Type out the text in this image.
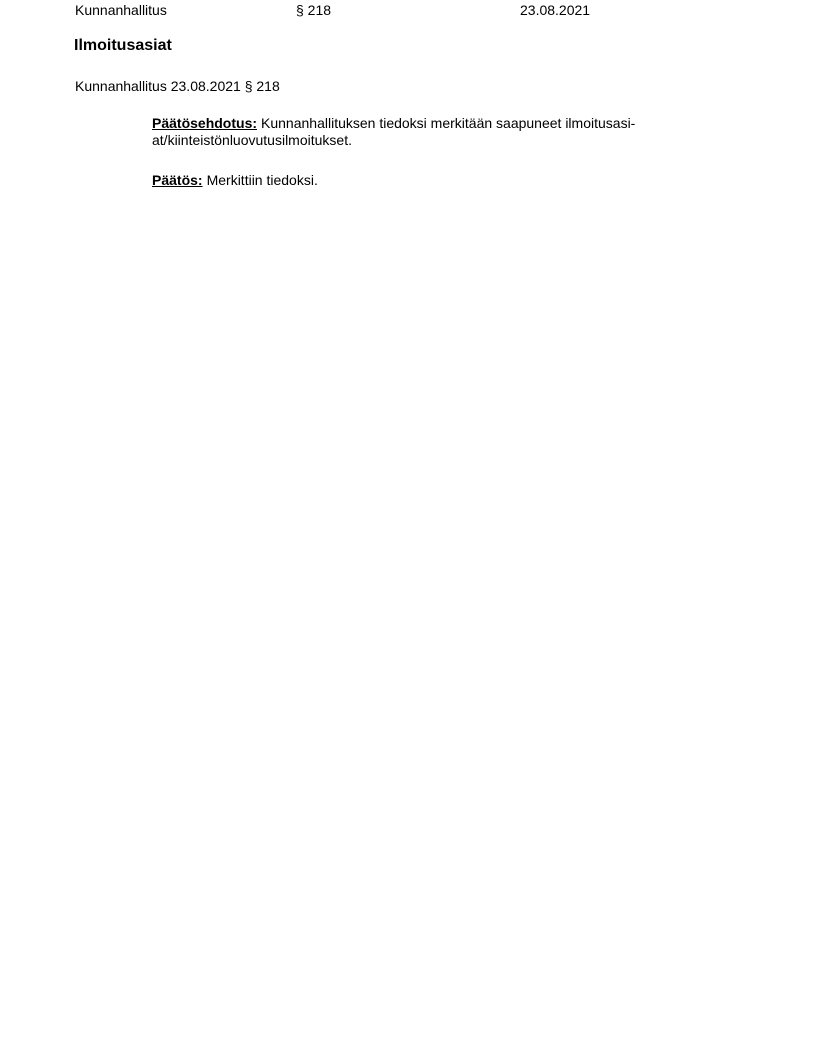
Kunnanhallitus	§ 218	23.08.2021
Ilmoitusasiat
Kunnanhallitus 23.08.2021 § 218
Päätösehdotus: Kunnanhallituksen tiedoksi merkitään saapuneet ilmoitusasi-
at/kiinteistönluovutusilmoitukset.
Päätös: Merkittiin tiedoksi.
